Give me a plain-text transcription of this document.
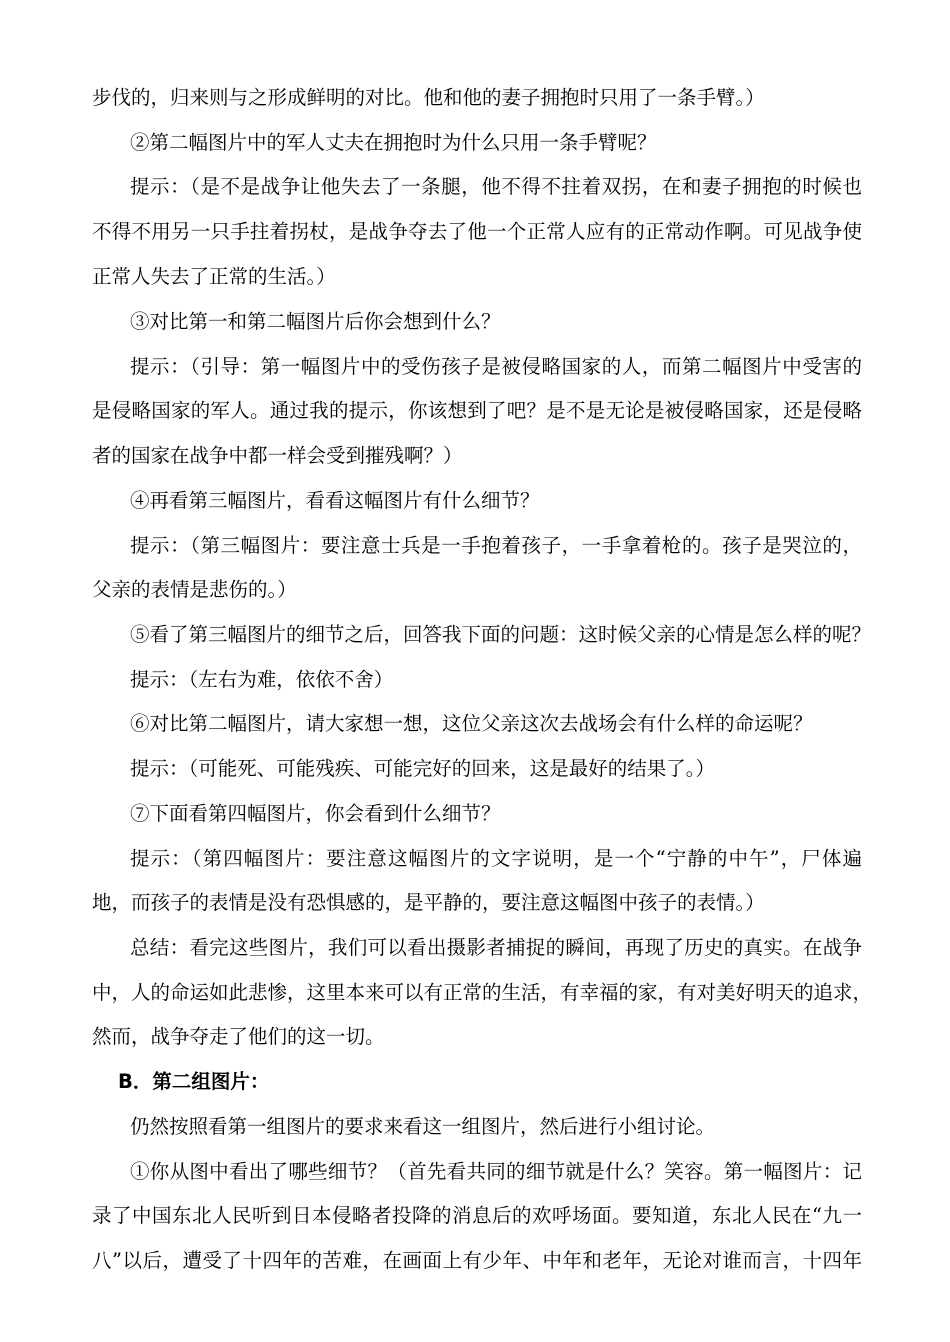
步伐的，归来则与之形成鲜明的对比。他和他的妻子拥抱时只用了一条手臂。）
②第二幅图片中的军人丈夫在拥抱时为什么只用一条手臂呢？
提示：（是不是战争让他失去了一条腿，他不得不拄着双拐，在和妻子拥抱的时候也
不得不用另一只手拄着拐杖，是战争夺去了他一个正常人应有的正常动作啊。可见战争使
正常人失去了正常的生活。）
③对比第一和第二幅图片后你会想到什么？
提示：（引导：第一幅图片中的受伤孩子是被侵略国家的人，而第二幅图片中受害的
是侵略国家的军人。通过我的提示，你该想到了吧？是不是无论是被侵略国家，还是侵略
者的国家在战争中都一样会受到摧残啊？）
④再看第三幅图片，看看这幅图片有什么细节？
提示：（第三幅图片：要注意士兵是一手抱着孩子，一手拿着枪的。孩子是哭泣的，
父亲的表情是悲伤的。）
⑤看了第三幅图片的细节之后，回答我下面的问题：这时候父亲的心情是怎么样的呢？
提示：（左右为难，依依不舍）
⑥对比第二幅图片，请大家想一想，这位父亲这次去战场会有什么样的命运呢？
提示：（可能死、可能残疾、可能完好的回来，这是最好的结果了。）
⑦下面看第四幅图片，你会看到什么细节？
提示：（第四幅图片：要注意这幅图片的文字说明，是一个“宁静的中午”，尸体遍
地，而孩子的表情是没有恐惧感的，是平静的，要注意这幅图中孩子的表情。）
总结：看完这些图片，我们可以看出摄影者捕捉的瞬间，再现了历史的真实。在战争
中，人的命运如此悲惨，这里本来可以有正常的生活，有幸福的家，有对美好明天的追求，
然而，战争夺走了他们的这一切。
B．第二组图片：
仍然按照看第一组图片的要求来看这一组图片，然后进行小组讨论。
①你从图中看出了哪些细节？（首先看共同的细节就是什么？笑容。第一幅图片：记
录了中国东北人民听到日本侵略者投降的消息后的欢呼场面。要知道，东北人民在“九一
八”以后，遭受了十四年的苦难，在画面上有少年、中年和老年，无论对谁而言，十四年
